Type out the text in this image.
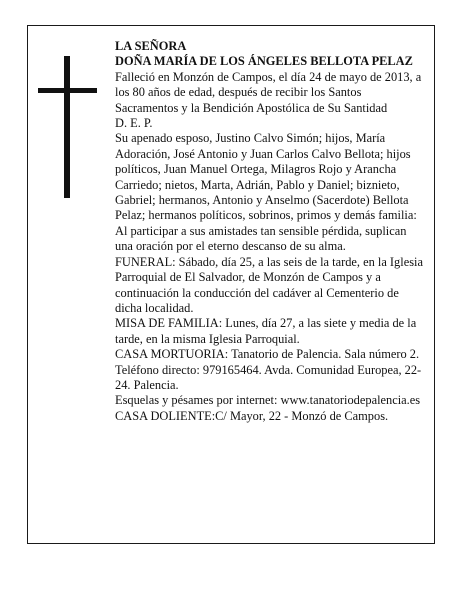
LA SEÑORA

DOÑA MARÍA DE LOS ÁNGELES BELLOTA PELAZ

Falleció en Monzón de Campos, el día 24 de mayo de 2013, a los 80 años de edad, después de recibir los Santos Sacramentos y la Bendición Apostólica de Su Santidad

D. E. P.

Su apenado esposo, Justino Calvo Simón; hijos, María Adoración, José Antonio y Juan Carlos Calvo Bellota; hijos políticos, Juan Manuel Ortega, Milagros Rojo y Arancha Carriedo; nietos, Marta, Adrián, Pablo y Daniel; biznieto, Gabriel; hermanos, Antonio y Anselmo (Sacerdote) Bellota Pelaz; hermanos políticos, sobrinos, primos y demás familia:

Al participar a sus amistades tan sensible pérdida, suplican una oración por el eterno descanso de su alma.

FUNERAL: Sábado, día 25, a las seis de la tarde, en la Iglesia Parroquial de El Salvador, de Monzón de Campos y a continuación la conducción del cadáver al Cementerio de dicha localidad.

MISA DE FAMILIA: Lunes, día 27, a las siete y media de la tarde, en la misma Iglesia Parroquial.

CASA MORTUORIA: Tanatorio de Palencia. Sala número 2. Teléfono directo: 979165464. Avda. Comunidad Europea, 22-24. Palencia.

Esquelas y pésames por internet: www.tanatoriodepalencia.es

CASA DOLIENTE:C/ Mayor, 22 - Monzó de Campos.
